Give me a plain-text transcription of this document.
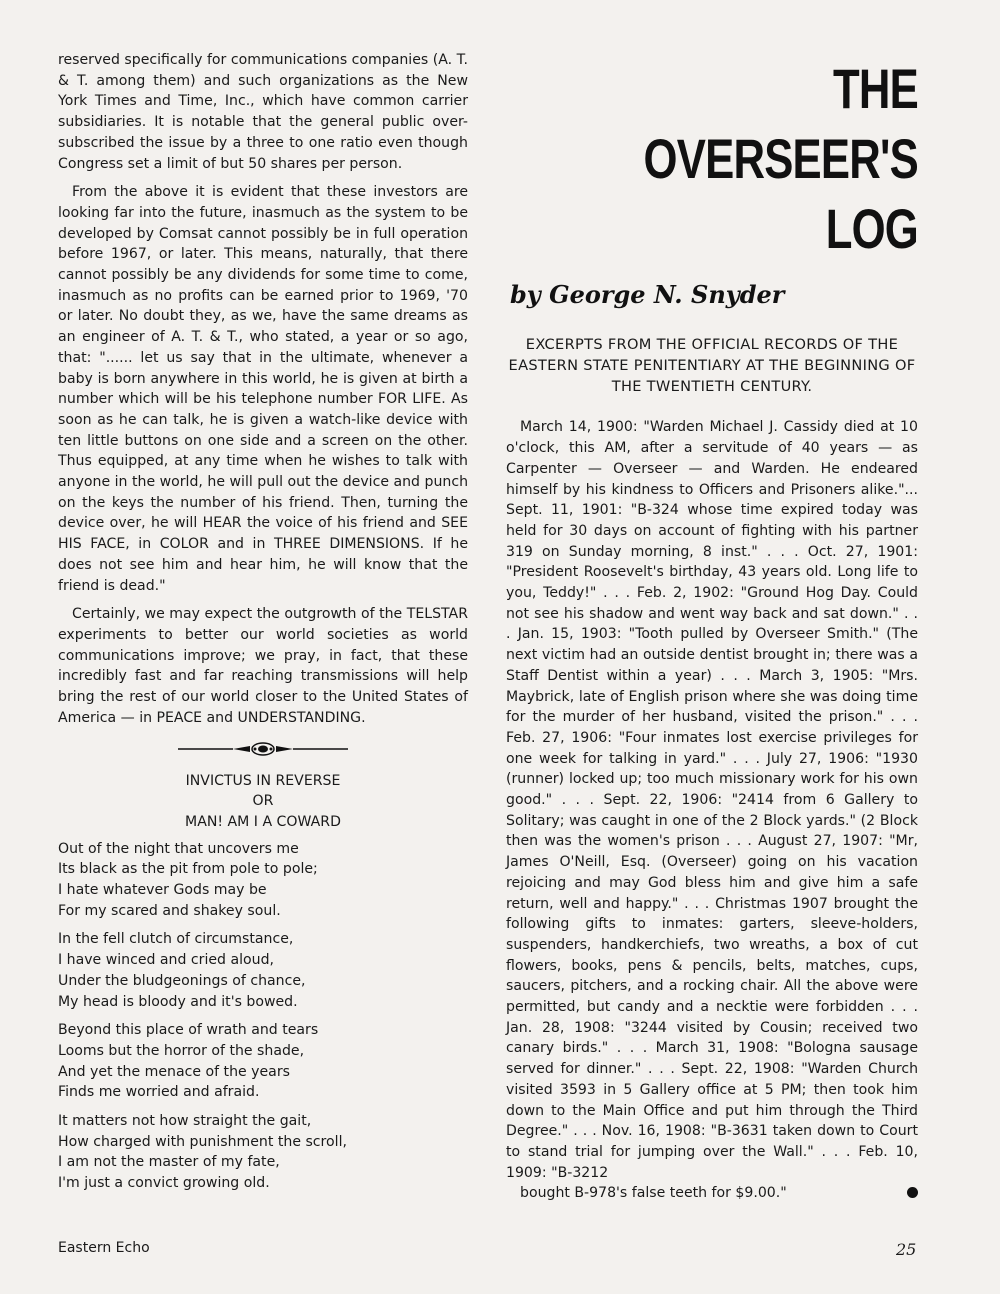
reserved specifically for communications companies (A. T. & T. among them) and such organizations as the New York Times and Time, Inc., which have common carrier subsidiaries. It is notable that the general public over-subscribed the issue by a three to one ratio even though Congress set a limit of but 50 shares per person.

From the above it is evident that these investors are looking far into the future, inasmuch as the system to be developed by Comsat cannot possibly be in full operation before 1967, or later. This means, naturally, that there cannot possibly be any dividends for some time to come, inasmuch as no profits can be earned prior to 1969, '70 or later. No doubt they, as we, have the same dreams as an engineer of A. T. & T., who stated, a year or so ago, that: "...... let us say that in the ultimate, whenever a baby is born anywhere in this world, he is given at birth a number which will be his telephone number FOR LIFE. As soon as he can talk, he is given a watch-like device with ten little buttons on one side and a screen on the other. Thus equipped, at any time when he wishes to talk with anyone in the world, he will pull out the device and punch on the keys the number of his friend. Then, turning the device over, he will HEAR the voice of his friend and SEE HIS FACE, in COLOR and in THREE DIMENSIONS. If he does not see him and hear him, he will know that the friend is dead."

Certainly, we may expect the outgrowth of the TELSTAR experiments to better our world societies as world communications improve; we pray, in fact, that these incredibly fast and far reaching transmissions will help bring the rest of our world closer to the United States of America — in PEACE and UNDERSTANDING.

INVICTUS IN REVERSE
OR
MAN! AM I A COWARD
Out of the night that uncovers me
Its black as the pit from pole to pole;
I hate whatever Gods may be
For my scared and shakey soul.
In the fell clutch of circumstance,
I have winced and cried aloud,
Under the bludgeonings of chance,
My head is bloody and it's bowed.
Beyond this place of wrath and tears
Looms but the horror of the shade,
And yet the menace of the years
Finds me worried and afraid.
It matters not how straight the gait,
How charged with punishment the scroll,
I am not the master of my fate,
I'm just a convict growing old.
THE
OVERSEER'S
LOG
by George N. Snyder
EXCERPTS FROM THE OFFICIAL RECORDS OF THE EASTERN STATE PENITENTIARY AT THE BEGINNING OF THE TWENTIETH CENTURY.

March 14, 1900: "Warden Michael J. Cassidy died at 10 o'clock, this AM, after a servitude of 40 years — as Carpenter — Overseer — and Warden. He endeared himself by his kindness to Officers and Prisoners alike."... Sept. 11, 1901: "B-324 whose time expired today was held for 30 days on account of fighting with his partner 319 on Sunday morning, 8 inst." . . . Oct. 27, 1901: "President Roosevelt's birthday, 43 years old. Long life to you, Teddy!" . . . Feb. 2, 1902: "Ground Hog Day. Could not see his shadow and went way back and sat down." . . . Jan. 15, 1903: "Tooth pulled by Overseer Smith." (The next victim had an outside dentist brought in; there was a Staff Dentist within a year) . . . March 3, 1905: "Mrs. Maybrick, late of English prison where she was doing time for the murder of her husband, visited the prison." . . . Feb. 27, 1906: "Four inmates lost exercise privileges for one week for talking in yard." . . . July 27, 1906: "1930 (runner) locked up; too much missionary work for his own good." . . . Sept. 22, 1906: "2414 from 6 Gallery to Solitary; was caught in one of the 2 Block yards." (2 Block then was the women's prison . . . August 27, 1907: "Mr, James O'Neill, Esq. (Overseer) going on his vacation rejoicing and may God bless him and give him a safe return, well and happy." . . . Christmas 1907 brought the following gifts to inmates: garters, sleeve-holders, suspenders, handkerchiefs, two wreaths, a box of cut flowers, books, pens & pencils, belts, matches, cups, saucers, pitchers, and a rocking chair. All the above were permitted, but candy and a necktie were forbidden . . . Jan. 28, 1908: "3244 visited by Cousin; received two canary birds." . . . March 31, 1908: "Bologna sausage served for dinner." . . . Sept. 22, 1908: "Warden Church visited 3593 in 5 Gallery office at 5 PM; then took him down to the Main Office and put him through the Third Degree." . . . Nov. 16, 1908: "B-3631 taken down to Court to stand trial for jumping over the Wall." . . . Feb. 10, 1909: "B-3212
bought B-978's false teeth for $9.00."

Eastern Echo	25
